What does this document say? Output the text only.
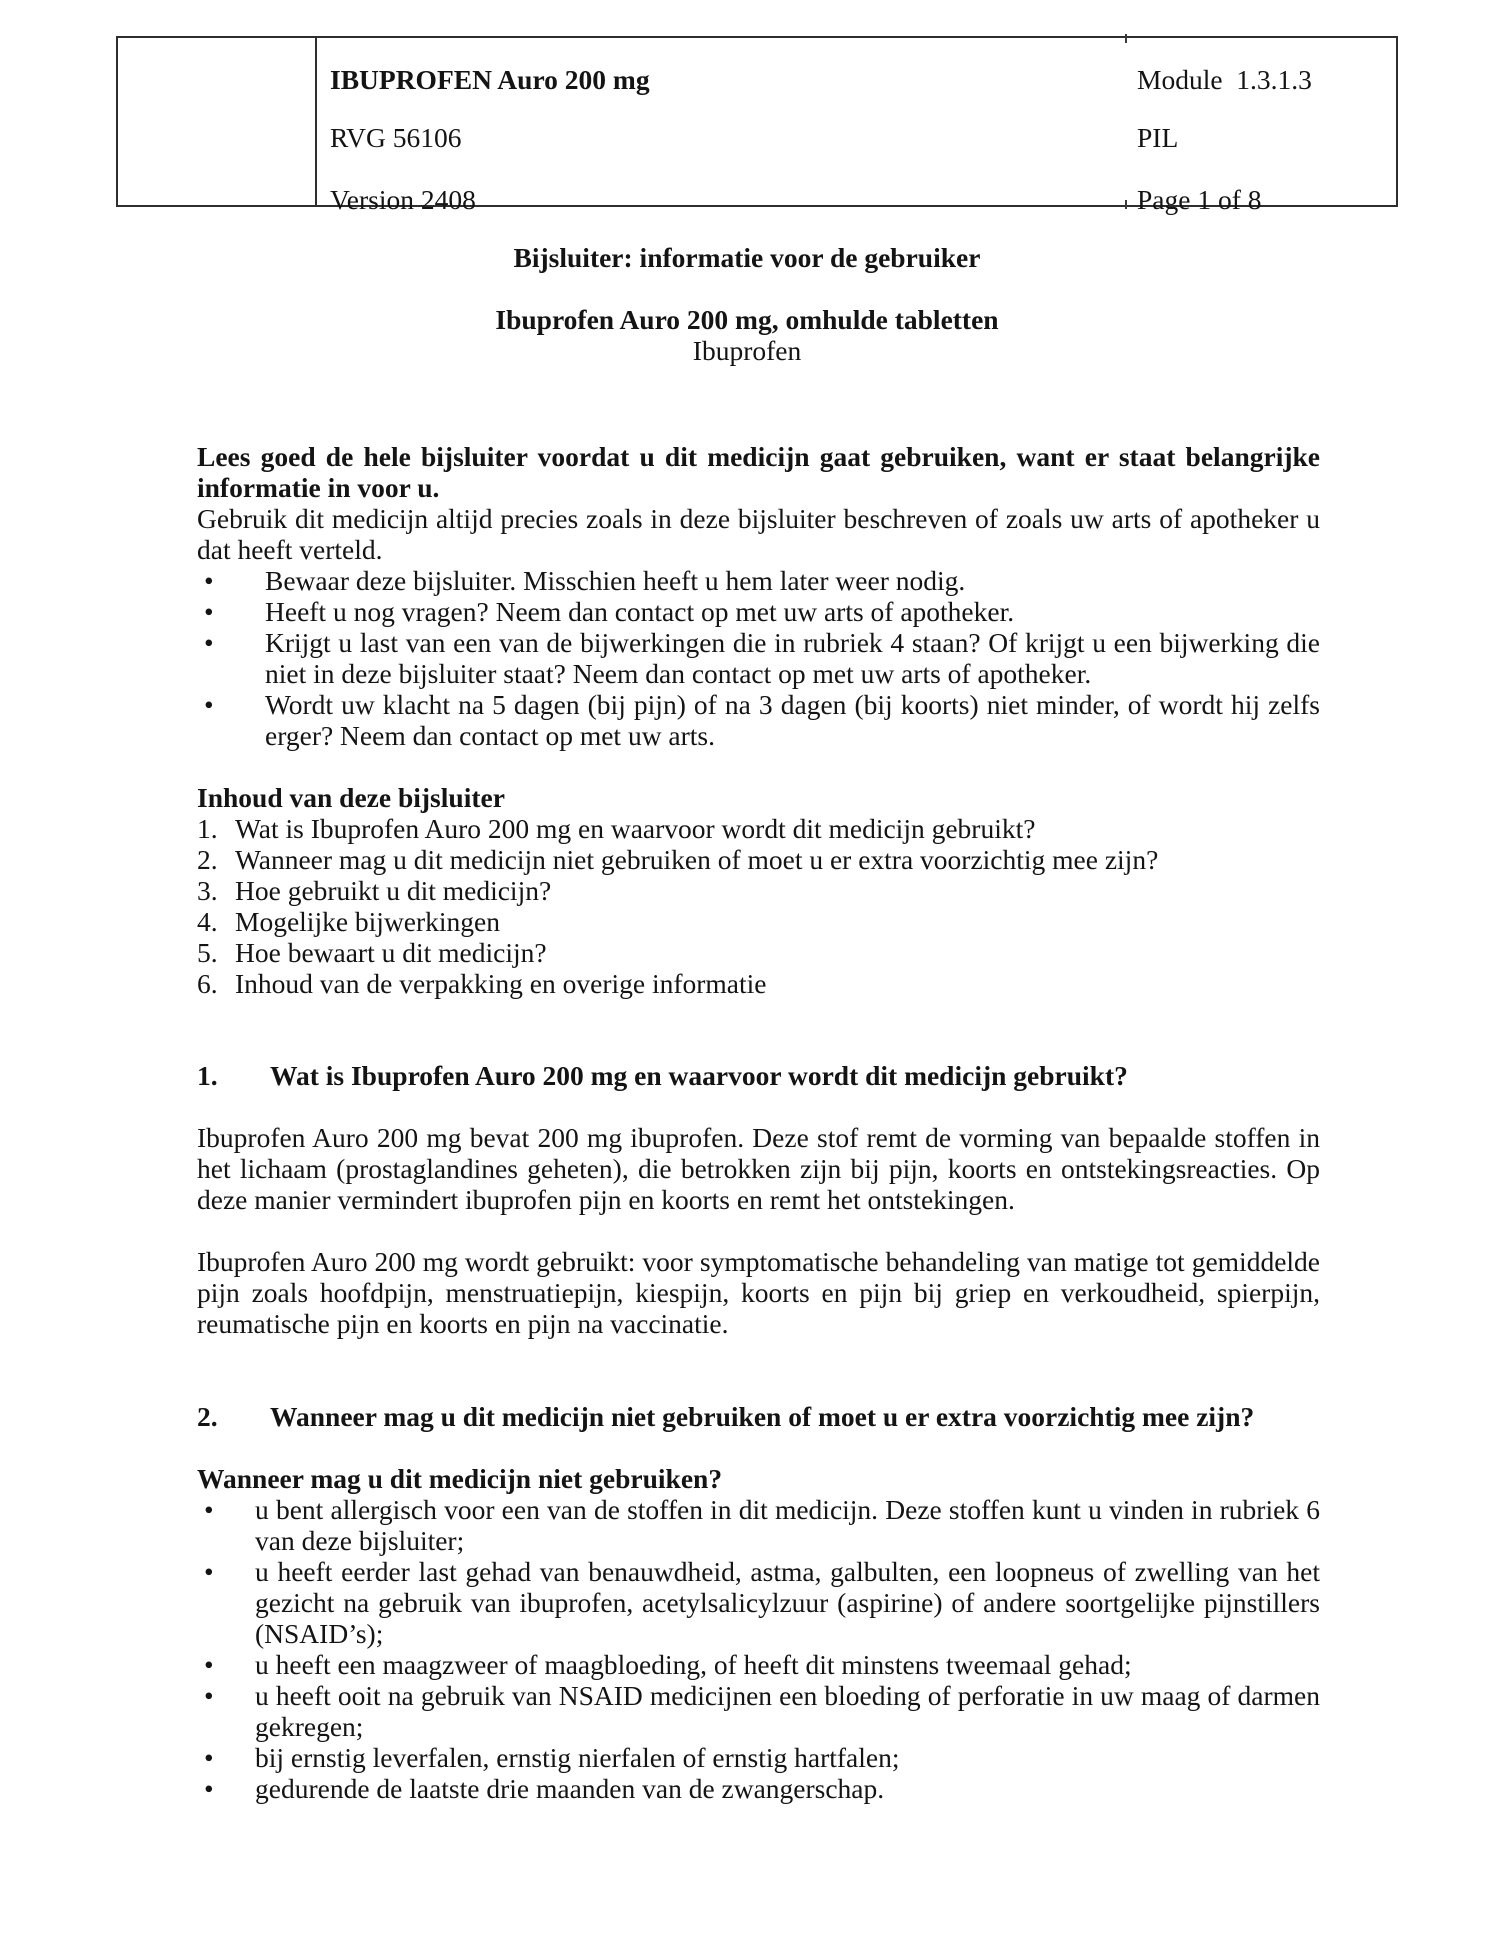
IBUPROFEN Auro 200 mg	Module  1.3.1.3
RVG 56106	PIL
Version 2408	Page 1 of 8
Bijsluiter: informatie voor de gebruiker
Ibuprofen Auro 200 mg, omhulde tabletten
Ibuprofen

Lees goed de hele bijsluiter voordat u dit medicijn gaat gebruiken, want er staat belangrijke informatie in voor u.

Gebruik dit medicijn altijd precies zoals in deze bijsluiter beschreven of zoals uw arts of apotheker u dat heeft verteld.

•	Bewaar deze bijsluiter. Misschien heeft u hem later weer nodig.
•	Heeft u nog vragen? Neem dan contact op met uw arts of apotheker.
•	Krijgt u last van een van de bijwerkingen die in rubriek 4 staan? Of krijgt u een bijwerking die niet in deze bijsluiter staat? Neem dan contact op met uw arts of apotheker.
•	Wordt uw klacht na 5 dagen (bij pijn) of na 3 dagen (bij koorts) niet minder, of wordt hij zelfs erger? Neem dan contact op met uw arts.
Inhoud van deze bijsluiter
1. Wat is Ibuprofen Auro 200 mg en waarvoor wordt dit medicijn gebruikt?
2. Wanneer mag u dit medicijn niet gebruiken of moet u er extra voorzichtig mee zijn?
3. Hoe gebruikt u dit medicijn?
4. Mogelijke bijwerkingen
5. Hoe bewaart u dit medicijn?
6. Inhoud van de verpakking en overige informatie
1.	Wat is Ibuprofen Auro 200 mg en waarvoor wordt dit medicijn gebruikt?

Ibuprofen Auro 200 mg bevat 200 mg ibuprofen. Deze stof remt de vorming van bepaalde stoffen in het lichaam (prostaglandines geheten), die betrokken zijn bij pijn, koorts en ontstekingsreacties. Op deze manier vermindert ibuprofen pijn en koorts en remt het ontstekingen.

Ibuprofen Auro 200 mg wordt gebruikt: voor symptomatische behandeling van matige tot gemiddelde pijn zoals hoofdpijn, menstruatiepijn, kiespijn, koorts en pijn bij griep en verkoudheid, spierpijn, reumatische pijn en koorts en pijn na vaccinatie.

2.	Wanneer mag u dit medicijn niet gebruiken of moet u er extra voorzichtig mee zijn?
Wanneer mag u dit medicijn niet gebruiken?
•	u bent allergisch voor een van de stoffen in dit medicijn. Deze stoffen kunt u vinden in rubriek 6 van deze bijsluiter;
•	u heeft eerder last gehad van benauwdheid, astma, galbulten, een loopneus of zwelling van het gezicht na gebruik van ibuprofen, acetylsalicylzuur (aspirine) of andere soortgelijke pijnstillers (NSAID’s);
•	u heeft een maagzweer of maagbloeding, of heeft dit minstens tweemaal gehad;
•	u heeft ooit na gebruik van NSAID medicijnen een bloeding of perforatie in uw maag of darmen gekregen;
•	bij ernstig leverfalen, ernstig nierfalen of ernstig hartfalen;
•	gedurende de laatste drie maanden van de zwangerschap.
